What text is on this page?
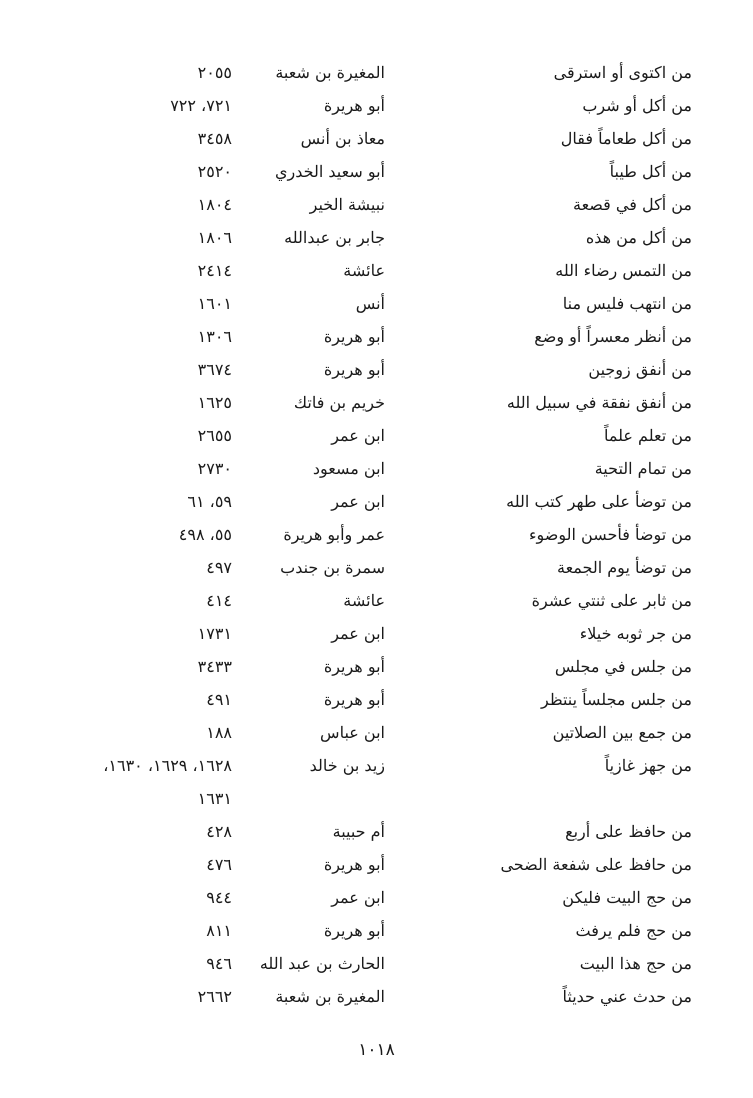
من اكتوى أو استرقى
المغيرة بن شعبة
٢٠٥٥
من أكل أو شرب
أبو هريرة
٧٢١، ٧٢٢
من أكل طعاماً فقال
معاذ بن أنس
٣٤٥٨
من أكل طيباً
أبو سعيد الخدري
٢٥٢٠
من أكل في قصعة
نبيشة الخير
١٨٠٤
من أكل من هذه
جابر بن عبدالله
١٨٠٦
من التمس رضاء الله
عائشة
٢٤١٤
من انتهب فليس منا
أنس
١٦٠١
من أنظر معسراً أو وضع
أبو هريرة
١٣٠٦
من أنفق زوجين
أبو هريرة
٣٦٧٤
من أنفق نفقة في سبيل الله
خريم بن فاتك
١٦٢٥
من تعلم علماً
ابن عمر
٢٦٥٥
من تمام التحية
ابن مسعود
٢٧٣٠
من توضأ على طهر كتب الله
ابن عمر
٥٩، ٦١
من توضأ فأحسن الوضوء
عمر وأبو هريرة
٥٥، ٤٩٨
من توضأ يوم الجمعة
سمرة بن جندب
٤٩٧
من ثابر على ثنتي عشرة
عائشة
٤١٤
من جر ثوبه خيلاء
ابن عمر
١٧٣١
من جلس في مجلس
أبو هريرة
٣٤٣٣
من جلس مجلساً ينتظر
أبو هريرة
٤٩١
من جمع بين الصلاتين
ابن عباس
١٨٨
من جهز غازياً
زيد بن خالد
١٦٢٨، ١٦٢٩، ١٦٣٠،
١٦٣١
من حافظ على أربع
أم حبيبة
٤٢٨
من حافظ على شفعة الضحى
أبو هريرة
٤٧٦
من حج البيت فليكن
ابن عمر
٩٤٤
من حج فلم يرفث
أبو هريرة
٨١١
من حج هذا البيت
الحارث بن عبد الله
٩٤٦
من حدث عني حديثاً
المغيرة بن شعبة
٢٦٦٢
١٠١٨
